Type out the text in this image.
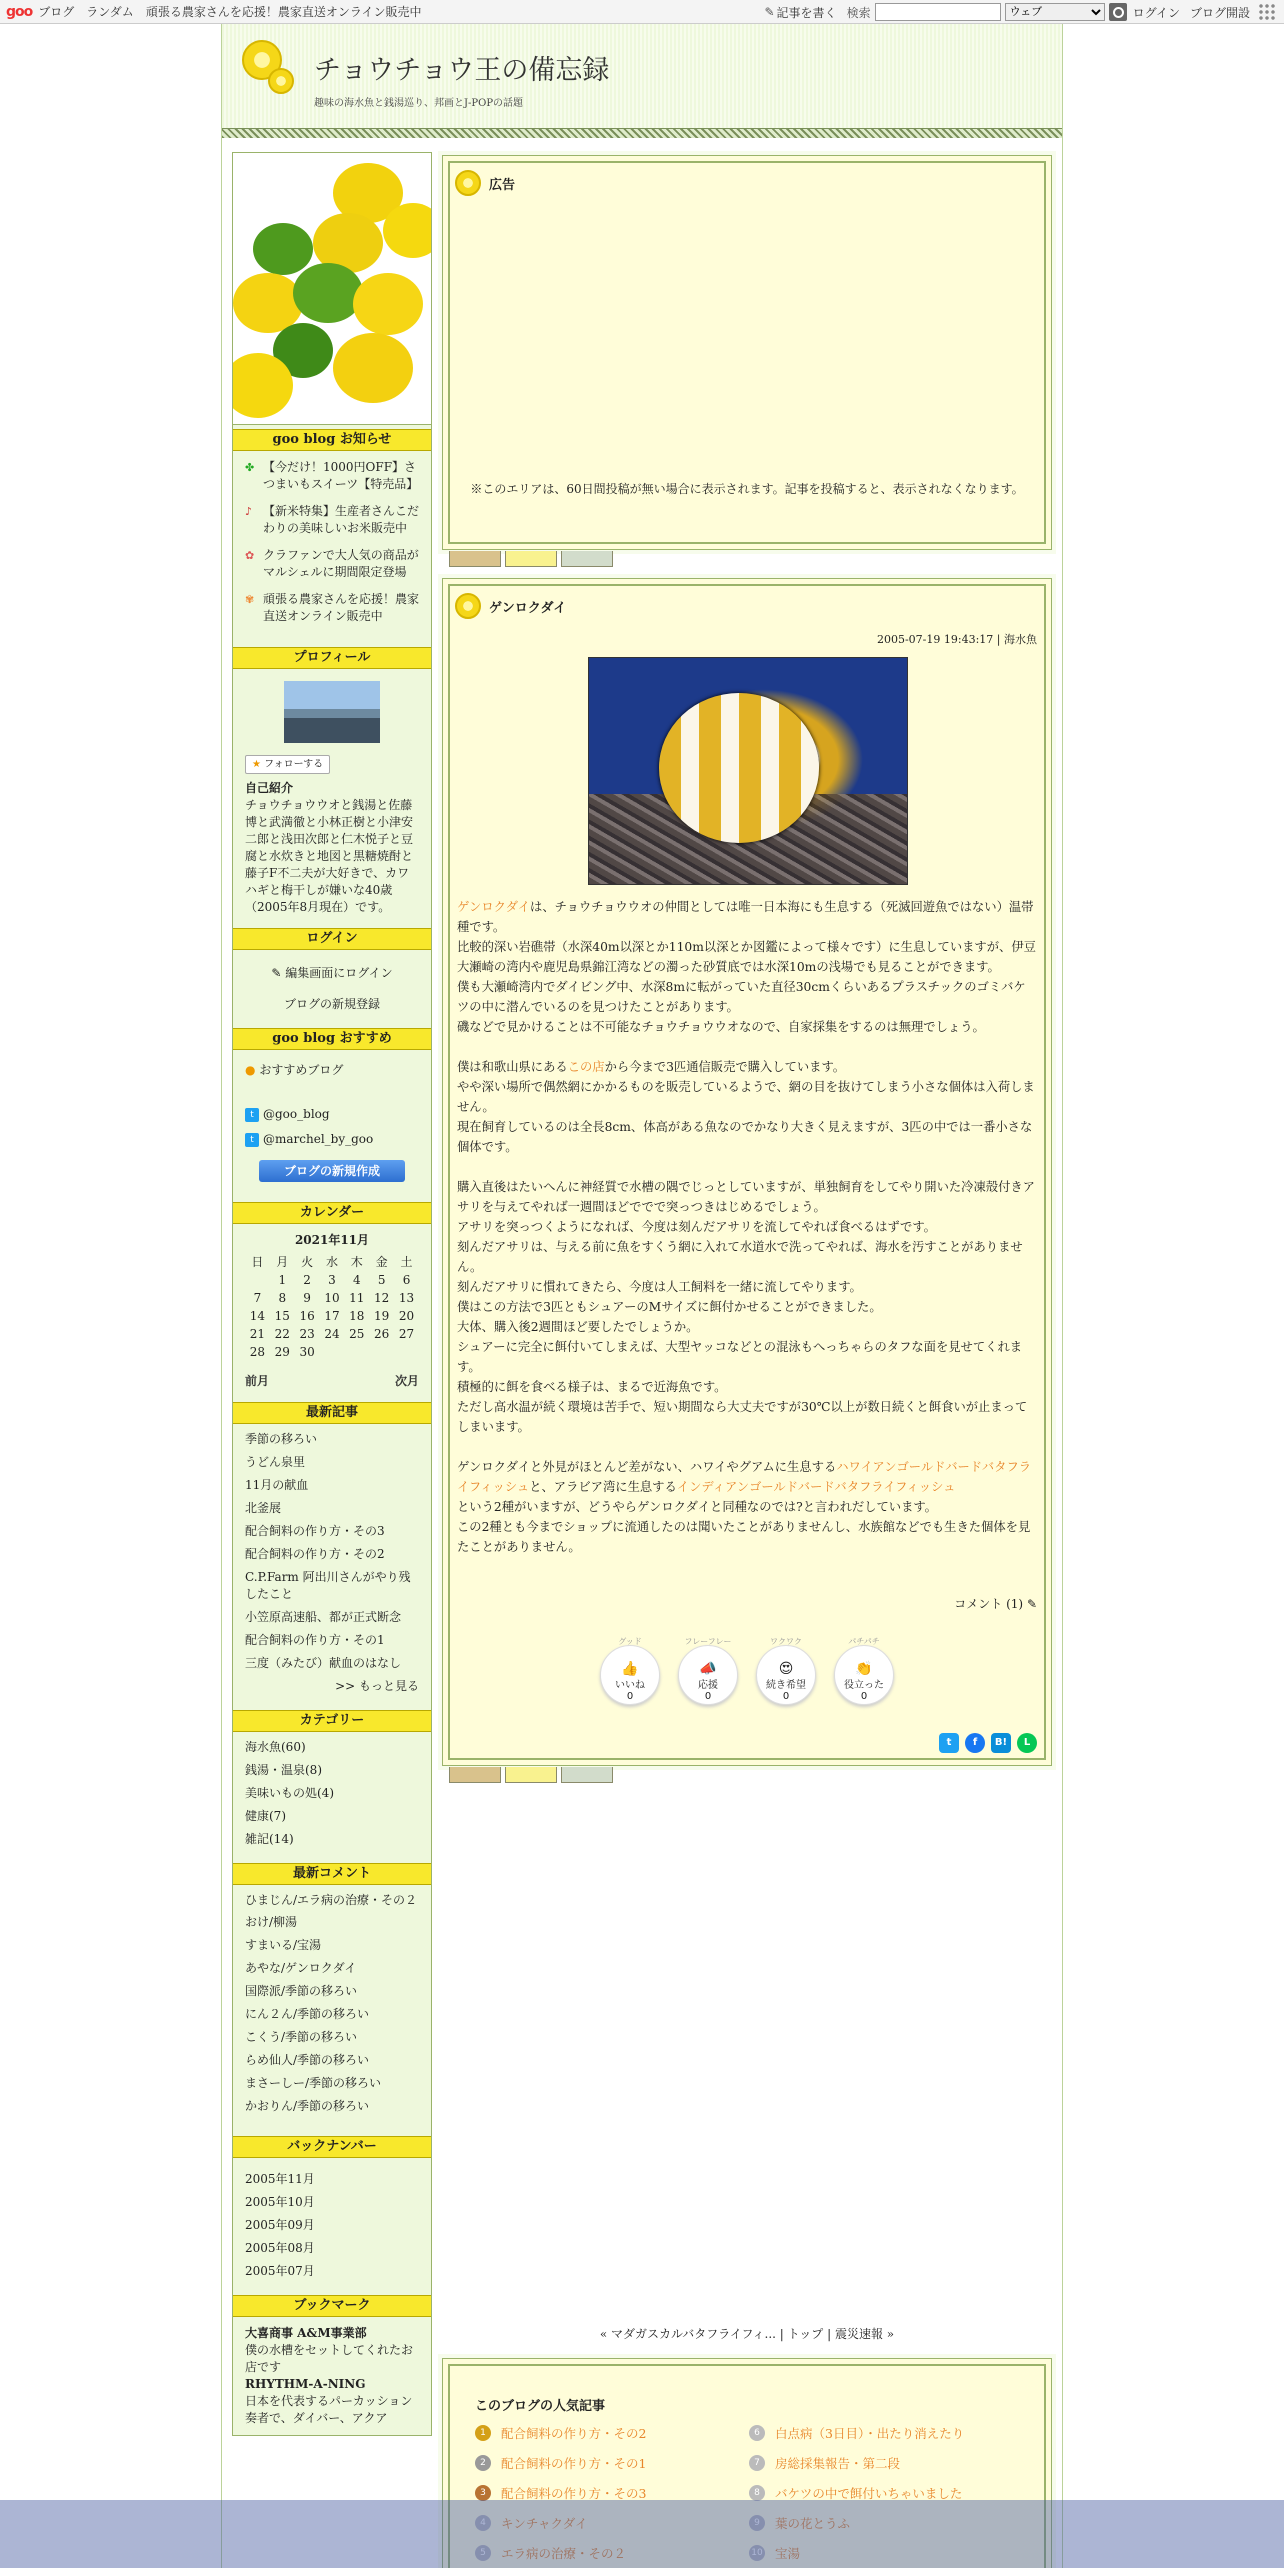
goo ブログ ランダム 頑張る農家さんを応援！農家直送オンライン販売中	✎ 記事を書く 検索
ウェブ	ログイン ブログ開設
チョウチョウ王の備忘録
趣味の海水魚と銭湯巡り、邦画とJ-POPの話題
goo blog お知らせ
✤ 【今だけ！1000円OFF】さつまいもスイーツ【特売品】
♪ 【新米特集】生産者さんこだわりの美味しいお米販売中
✿ クラファンで大人気の商品がマルシェルに期間限定登場
✾ 頑張る農家さんを応援！農家直送オンライン販売中
プロフィール
★ フォローする
自己紹介
チョウチョウウオと銭湯と佐藤博と武満徹と小林正樹と小津安二郎と浅田次郎と仁木悦子と豆腐と水炊きと地図と黒糖焼酎と藤子F不二夫が大好きで、カワハギと梅干しが嫌いな40歳（2005年8月現在）です。
ログイン
✎ 編集画面にログイン
ブログの新規登録
goo blog おすすめ
● おすすめブログ
t @goo_blog
t @marchel_by_goo
ブログの新規作成
カレンダー
2021年11月
日	月	火	水	木	金	土
	1	2	3	4	5	6
7	8	9	10	11	12	13
14	15	16	17	18	19	20
21	22	23	24	25	26	27
28	29	30				
前月	次月
最新記事
季節の移ろい
うどん泉里
11月の献血
北釜展
配合飼料の作り方・その3
配合飼料の作り方・その2
C.P.Farm 阿出川さんがやり残したこと
小笠原高速船、都が正式断念
配合飼料の作り方・その1
三度（みたび）献血のはなし
>> もっと見る
カテゴリー
海水魚(60)
銭湯・温泉(8)
美味いもの処(4)
健康(7)
雑記(14)
最新コメント
ひまじん/エラ病の治療・その２
おけ/柳湯
すまいる/宝湯
あやな/ゲンロクダイ
国際派/季節の移ろい
にん２ん/季節の移ろい
こくう/季節の移ろい
らめ仙人/季節の移ろい
まさーしー/季節の移ろい
かおりん/季節の移ろい
バックナンバー
2005年11月
2005年10月
2005年09月
2005年08月
2005年07月
ブックマーク
大喜商事 A&M事業部
僕の水槽をセットしてくれたお店です
RHYTHM-A-NING
日本を代表するパーカッション奏者で、ダイバー、アクア
広告
※このエリアは、60日間投稿が無い場合に表示されます。記事を投稿すると、表示されなくなります。
ゲンロクダイ
2005-07-19 19:43:17 | 海水魚
ゲンロクダイは、チョウチョウウオの仲間としては唯一日本海にも生息する（死滅回遊魚ではない）温帯種です。
比較的深い岩礁帯（水深40m以深とか110m以深とか図鑑によって様々です）に生息していますが、伊豆大瀬崎の湾内や鹿児島県錦江湾などの濁った砂質底では水深10mの浅場でも見ることができます。
僕も大瀬崎湾内でダイビング中、水深8mに転がっていた直径30cmくらいあるプラスチックのゴミバケツの中に潜んでいるのを見つけたことがあります。
磯などで見かけることは不可能なチョウチョウウオなので、自家採集をするのは無理でしょう。
僕は和歌山県にあるこの店から今まで3匹通信販売で購入しています。
やや深い場所で偶然網にかかるものを販売しているようで、網の目を抜けてしまう小さな個体は入荷しません。
現在飼育しているのは全長8cm、体高がある魚なのでかなり大きく見えますが、3匹の中では一番小さな個体です。
購入直後はたいへんに神経質で水槽の隅でじっとしていますが、単独飼育をしてやり開いた冷凍殻付きアサリを与えてやれば一週間ほどででで突っつきはじめるでしょう。
アサリを突っつくようになれば、今度は刻んだアサリを流してやれば食べるはずです。
刻んだアサリは、与える前に魚をすくう網に入れて水道水で洗ってやれば、海水を汚すことがありません。
刻んだアサリに慣れてきたら、今度は人工飼料を一緒に流してやります。
僕はこの方法で3匹ともシュアーのMサイズに餌付かせることができました。
大体、購入後2週間ほど要したでしょうか。
シュアーに完全に餌付いてしまえば、大型ヤッコなどとの混泳もへっちゃらのタフな面を見せてくれます。
積極的に餌を食べる様子は、まるで近海魚です。
ただし高水温が続く環境は苦手で、短い期間なら大丈夫ですが30℃以上が数日続くと餌食いが止まってしまいます。
ゲンロクダイと外見がほとんど差がない、ハワイやグアムに生息するハワイアンゴールドバードバタフライフィッシュと、アラビア湾に生息するインディアンゴールドバードバタフライフィッシュ
という2種がいますが、どうやらゲンロクダイと同種なのでは?と言われだしています。
この2種とも今までショップに流通したのは聞いたことがありませんし、水族館などでも生きた個体を見たことがありません。
コメント (1) ✎
グッド
👍
いいね
0
フレーフレー
📣
応援
0
ワクワク
😍
続き希望
0
パチパチ
👏
役立った
0
t	f	B!	L
« マダガスカルバタフライフィ... | トップ | 震災速報 »
このブログの人気記事
1	配合飼料の作り方・その2
2	配合飼料の作り方・その1
3	配合飼料の作り方・その3
4	キンチャクダイ
5	エラ病の治療・その２
6	白点病（3日目）・出たり消えたり
7	房総採集報告・第二段
8	バケツの中で餌付いちゃいました
9	葉の花とうふ
10 宝湯
